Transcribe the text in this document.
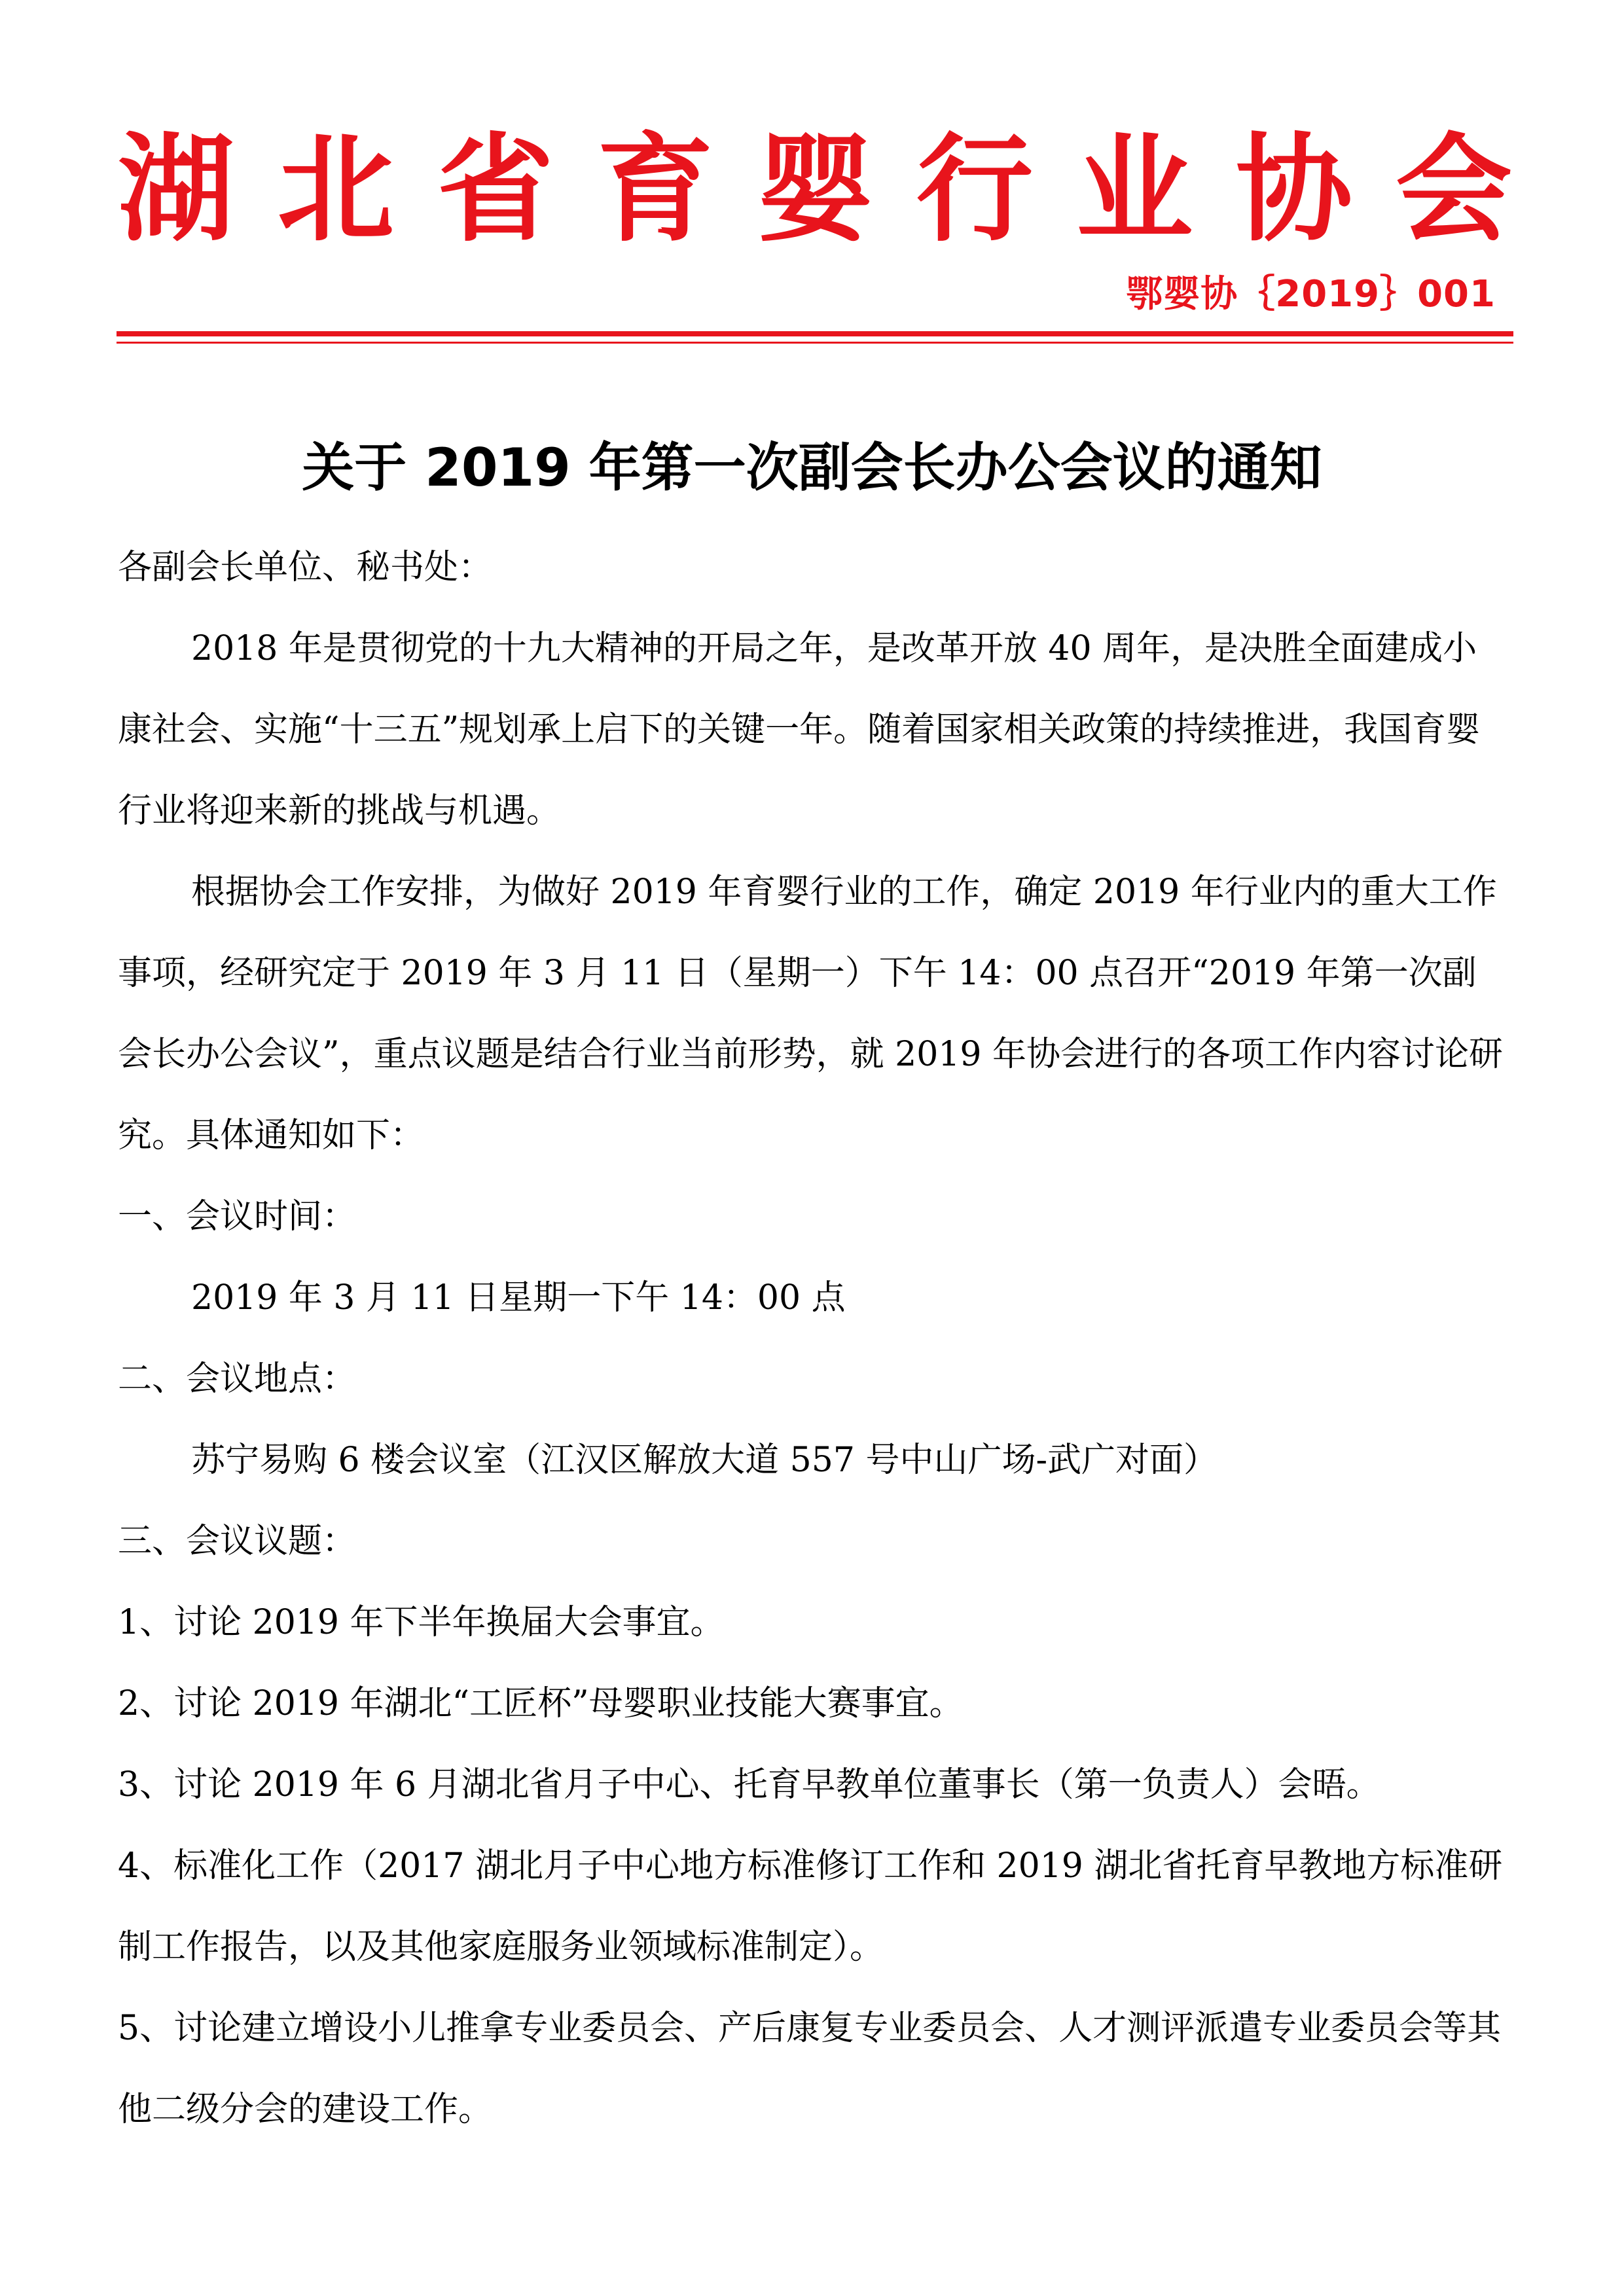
湖 北 省 育 婴 行 业 协 会
鄂婴协｛2019｝001
关于 2019 年第一次副会长办公会议的通知
各副会长单位、秘书处：
2018 年是贯彻党的十九大精神的开局之年，是改革开放 40 周年，是决胜全面建成小康社会、实施“十三五”规划承上启下的关键一年。随着国家相关政策的持续推进，我国育婴行业将迎来新的挑战与机遇。
根据协会工作安排，为做好 2019 年育婴行业的工作，确定 2019 年行业内的重大工作事项，经研究定于 2019 年 3 月 11 日（星期一）下午 14：00 点召开“2019 年第一次副会长办公会议”，重点议题是结合行业当前形势，就 2019 年协会进行的各项工作内容讨论研究。具体通知如下：
一、会议时间：
2019 年 3 月 11 日星期一下午 14：00 点
二、会议地点：
苏宁易购 6 楼会议室（江汉区解放大道 557 号中山广场-武广对面）
三、会议议题：
1、讨论 2019 年下半年换届大会事宜。
2、讨论 2019 年湖北“工匠杯”母婴职业技能大赛事宜。
3、讨论 2019 年 6 月湖北省月子中心、托育早教单位董事长（第一负责人）会晤。
4、标准化工作（2017 湖北月子中心地方标准修订工作和 2019 湖北省托育早教地方标准研制工作报告，以及其他家庭服务业领域标准制定）。
5、讨论建立增设小儿推拿专业委员会、产后康复专业委员会、人才测评派遣专业委员会等其他二级分会的建设工作。
